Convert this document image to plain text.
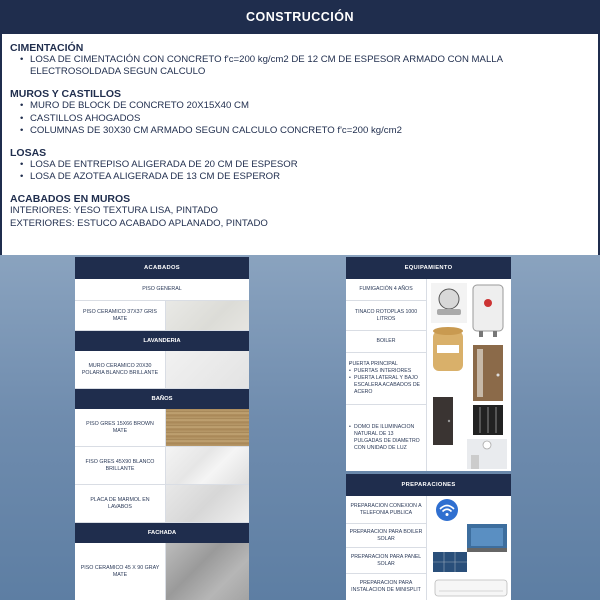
CONSTRUCCIÓN
CIMENTACIÓN
• LOSA DE CIMENTACIÓN CON CONCRETO f'c=200 kg/cm2 DE 12 CM DE ESPESOR ARMADO CON MALLA ELECTROSOLDADA SEGUN CALCULO
MUROS Y CASTILLOS
• MURO DE BLOCK DE CONCRETO 20X15X40 CM
• CASTILLOS AHOGADOS
• COLUMNAS DE 30X30 CM ARMADO SEGUN CALCULO CONCRETO f'c=200 kg/cm2
LOSAS
• LOSA DE ENTREPISO ALIGERADA DE 20 CM DE ESPESOR
• LOSA DE AZOTEA ALIGERADA DE 13 CM DE ESPEROR
ACABADOS EN MUROS

INTERIORES: YESO TEXTURA LISA, PINTADO

EXTERIORES: ESTUCO ACABADO APLANADO, PINTADO

ACABADOS
PISO GENERAL
PISO CERAMICO 37X37 GRIS MATE
LAVANDERIA
MURO CERAMICO 20X30 POLARIA BLANCO BRILLANTE
BAÑOS
PISO GRES 15X66 BROWN MATE
FISO GRES 45X90 BLANCO BRILLANTE
PLACA DE MARMOL EN LAVABOS
FACHADA
PISO CERAMICO 45 X 90 GRAY MATE
EQUIPAMIENTO
FUMIGACIÓN 4 AÑOS
TINACO ROTOPLAS 1000 LITROS
BOILER
• PUERTA PRINCIPAL
• PUERTAS INTERIORES
• PUERTA LATERAL Y BAJO ESCALERA ACABADOS DE ACERO
• DOMO DE ILUMINACION NATURAL DE 13 PULGADAS DE DIAMETRO CON UNIDAD DE LUZ
PREPARACIONES
PREPARACION CONEXION A TELEFONIA PUBLICA
PREPARACION PARA BOILER SOLAR
PREPARACION PARA PANEL SOLAR
PREPARACION PARA INSTALACION DE MINISPLIT
